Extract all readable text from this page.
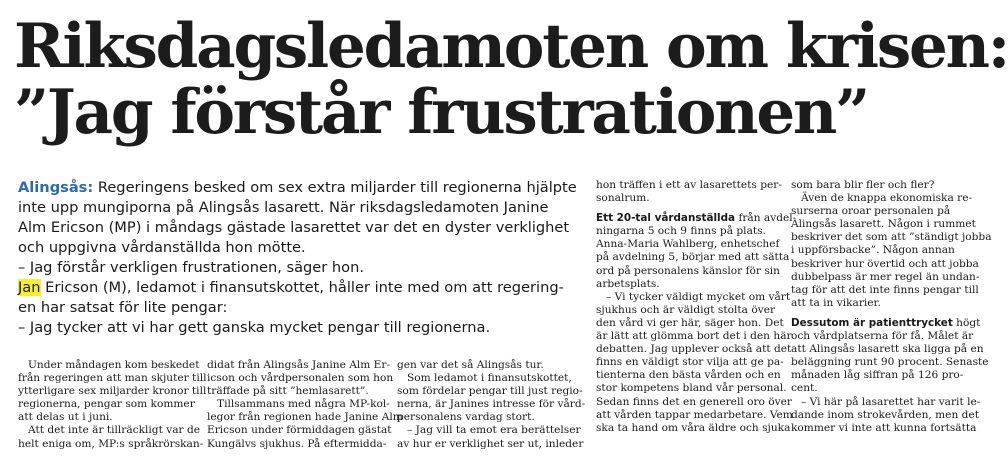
Riksdagsledamoten om krisen:
”Jag förstår frustrationen”
Alingsås: Regeringens besked om sex extra miljarder till regionerna hjälpte
inte upp mungiporna på Alingsås lasarett. När riksdagsledamoten Janine
Alm Ericson (MP) i måndags gästade lasarettet var det en dyster verklighet
och uppgivna vårdanställda hon mötte.
– Jag förstår verkligen frustrationen, säger hon.
Jan Ericson (M), ledamot i finansutskottet, håller inte med om att regering-
en har satsat för lite pengar:
– Jag tycker att vi har gett ganska mycket pengar till regionerna.
Under måndagen kom beskedet
från regeringen att man skjuter till
ytterligare sex miljarder kronor till
regionerna, pengar som kommer
att delas ut i juni.
Att det inte är tillräckligt var de
helt eniga om, MP:s språkrörskan-
didat från Alingsås Janine Alm Er-
icson och vårdpersonalen som hon
träffade på sitt ”hemlasarett”.
Tillsammans med några MP-kol-
legor från regionen hade Janine Alm
Ericson under förmiddagen gästat
Kungälvs sjukhus. På eftermidda-
gen var det så Alingsås tur.
Som ledamot i finansutskottet,
som fördelar pengar till just regio-
nerna, är Janines intresse för vård-
personalens vardag stort.
– Jag vill ta emot era berättelser
av hur er verklighet ser ut, inleder
hon träffen i ett av lasarettets per-
sonalrum.
Ett 20-tal vårdanställda från avdel-
ningarna 5 och 9 finns på plats.
Anna-Maria Wahlberg, enhetschef
på avdelning 5, börjar med att sätta
ord på personalens känslor för sin
arbetsplats.
– Vi tycker väldigt mycket om vårt
sjukhus och är väldigt stolta över
den vård vi ger här, säger hon. Det
är lätt att glömma bort det i den här
debatten. Jag upplever också att det
finns en väldigt stor vilja att ge pa-
tienterna den bästa vården och en
stor kompetens bland vår personal.
Sedan finns det en generell oro över
att vården tappar medarbetare. Vem
ska ta hand om våra äldre och sjuka
som bara blir fler och fler?
Även de knappa ekonomiska re-
surserna oroar personalen på
Alingsås lasarett. Någon i rummet
beskriver det som att ”ständigt jobba
i uppförsbacke”. Någon annan
beskriver hur övertid och att jobba
dubbelpass är mer regel än undan-
tag för att det inte finns pengar till
att ta in vikarier.
Dessutom är patienttrycket högt
och vårdplatserna för få. Målet är
att Alingsås lasarett ska ligga på en
beläggning runt 90 procent. Senaste
månaden låg siffran på 126 pro-
cent.
– Vi här på lasarettet har varit le-
dande inom strokevården, men det
kommer vi inte att kunna fortsätta
